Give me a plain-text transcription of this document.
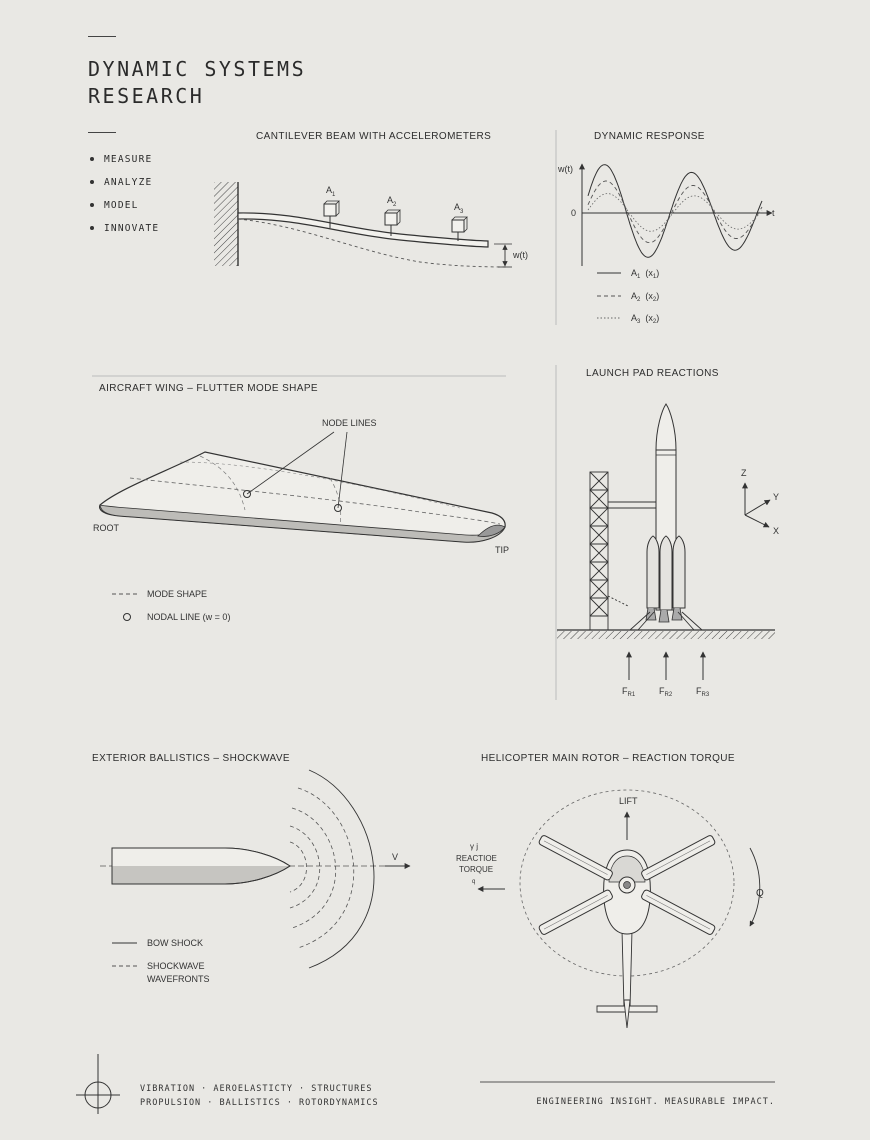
DYNAMIC SYSTEMS
RESEARCH
MEASURE
ANALYZE
MODEL
INNOVATE
CANTILEVER BEAM WITH ACCELEROMETERS	DYNAMIC RESPONSE
AIRCRAFT WING – FLUTTER MODE SHAPE
LAUNCH PAD REACTIONS
EXTERIOR BALLISTICS – SHOCKWAVE	HELICOPTER MAIN ROTOR – REACTION TORQUE
$A_1$	$A_2$	$A_3$
w(t)
w(t)
0	t
$A_1$ $(x_1)$
$A_2$ $(x_2)$
$A_3$ $(x_2)$
NODE LINES
ROOT
TIP
MODE SHAPE
NODAL LINE (w = 0)
$F_{R1}$	$F_{R2}$	$F_{R3}$
Z
Y
X
V
BOW SHOCK
SHOCKWAVE WAVEFRONTS
LIFT
γ j REACTIOE TORQUE q
Q
VIBRATION · AEROELASTICTY · STRUCTURES
PROPULSION · BALLISTICS · ROTORDYNAMICS	ENGINEERING INSIGHT. MEASURABLE IMPACT.
